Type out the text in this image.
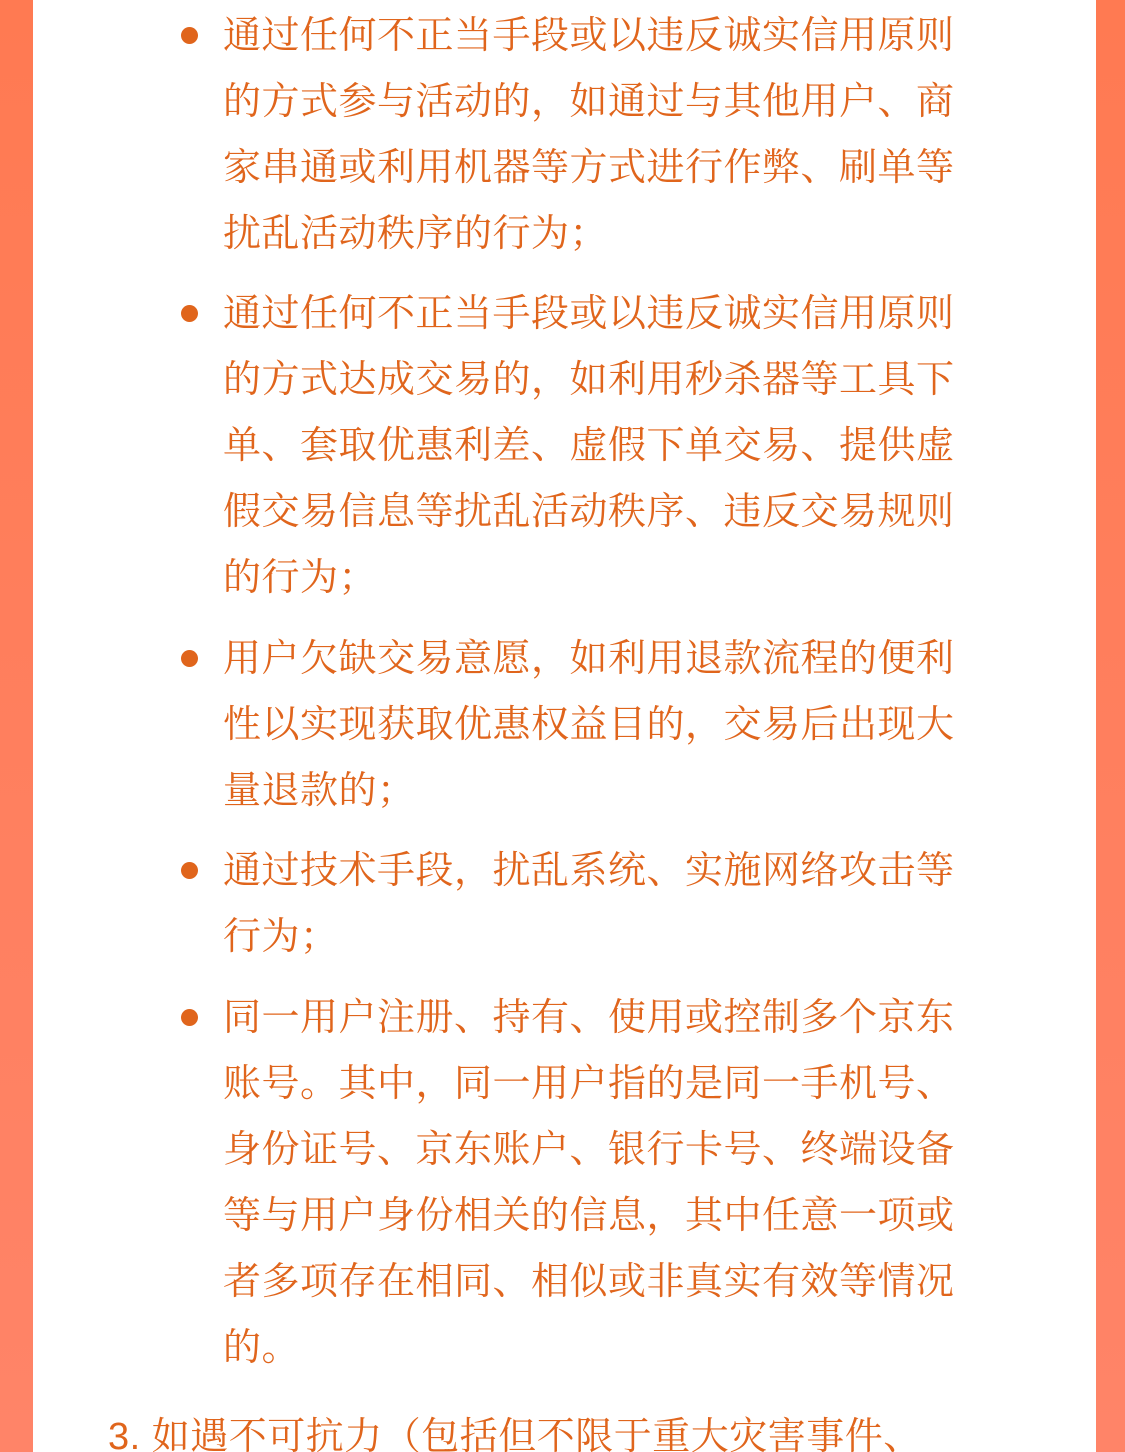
通过任何不正当手段或以违反诚实信用原则
的方式参与活动的，如通过与其他用户、商
家串通或利用机器等方式进行作弊、刷单等
扰乱活动秩序的行为；

通过任何不正当手段或以违反诚实信用原则
的方式达成交易的，如利用秒杀器等工具下
单、套取优惠利差、虚假下单交易、提供虚
假交易信息等扰乱活动秩序、违反交易规则
的行为；

用户欠缺交易意愿，如利用退款流程的便利
性以实现获取优惠权益目的，交易后出现大
量退款的；

通过技术手段，扰乱系统、实施网络攻击等
行为；

同一用户注册、持有、使用或控制多个京东
账号。其中，同一用户指的是同一手机号、
身份证号、京东账户、银行卡号、终端设备
等与用户身份相关的信息，其中任意一项或
者多项存在相同、相似或非真实有效等情况
的。

3. 如遇不可抗力（包括但不限于重大灾害事件、
